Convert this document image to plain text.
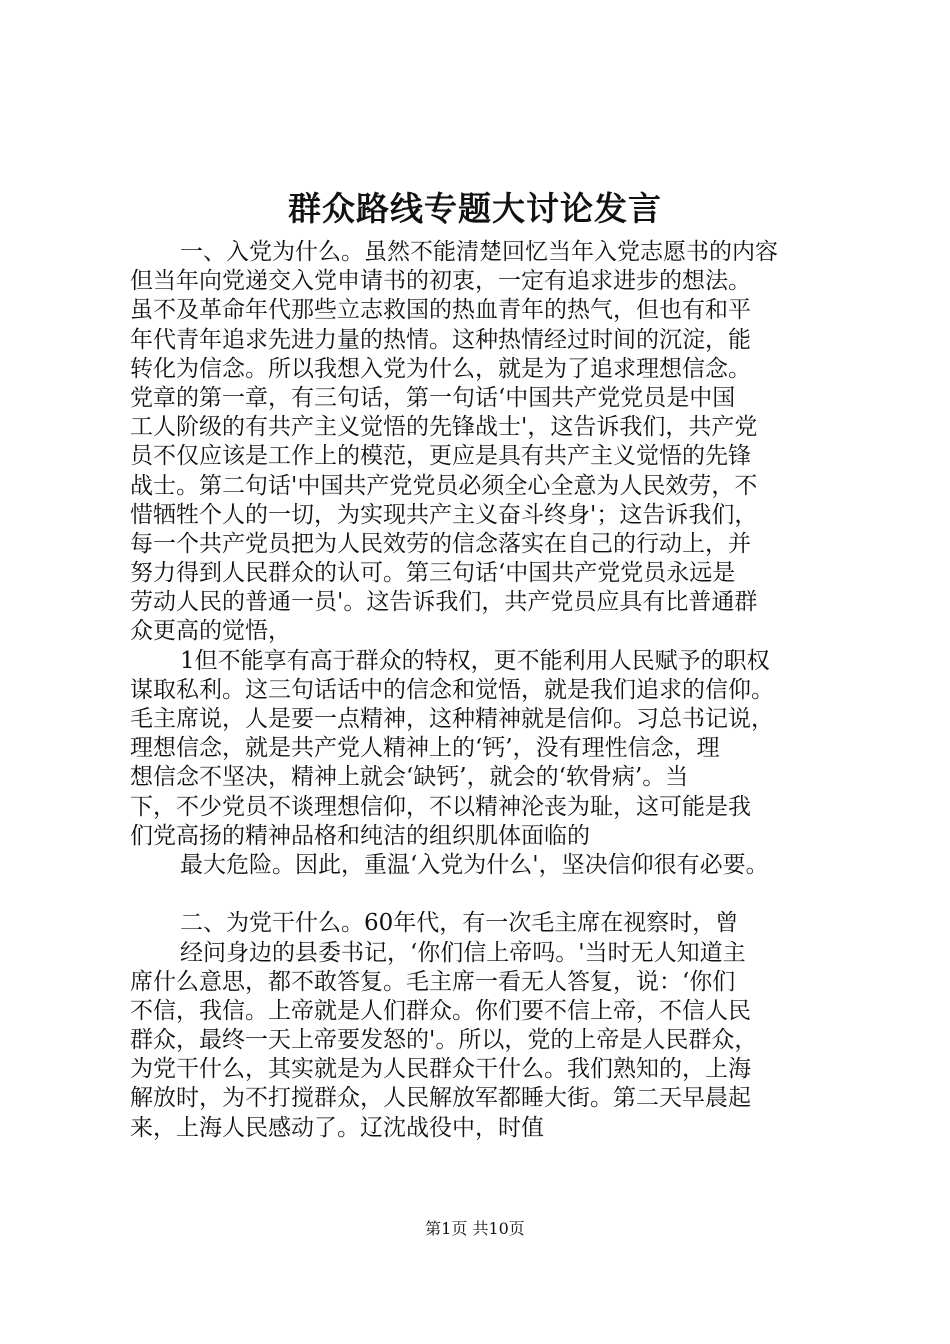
群众路线专题大讨论发言
一、入党为什么。虽然不能清楚回忆当年入党志愿书的内容
但当年向党递交入党申请书的初衷，一定有追求进步的想法。
虽不及革命年代那些立志救国的热血青年的热气，但也有和平
年代青年追求先进力量的热情。这种热情经过时间的沉淀，能
转化为信念。所以我想入党为什么，就是为了追求理想信念。
党章的第一章，有三句话，第一句话‘中国共产党党员是中国
工人阶级的有共产主义觉悟的先锋战士'，这告诉我们，共产党
员不仅应该是工作上的模范，更应是具有共产主义觉悟的先锋
战士。第二句话'中国共产党党员必须全心全意为人民效劳，不
惜牺牲个人的一切，为实现共产主义奋斗终身'；这告诉我们，
每一个共产党员把为人民效劳的信念落实在自己的行动上，并
努力得到人民群众的认可。第三句话‘中国共产党党员永远是
劳动人民的普通一员'。这告诉我们，共产党员应具有比普通群
众更高的觉悟，
1但不能享有高于群众的特权，更不能利用人民赋予的职权
谋取私利。这三句话话中的信念和觉悟，就是我们追求的信仰。
毛主席说，人是要一点精神，这种精神就是信仰。习总书记说，
理想信念，就是共产党人精神上的‘钙’，没有理性信念，理
想信念不坚决，精神上就会‘缺钙’，就会的‘软骨病’。当
下，不少党员不谈理想信仰，不以精神沦丧为耻，这可能是我
们党高扬的精神品格和纯洁的组织肌体面临的
最大危险。因此，重温‘入党为什么'，坚决信仰很有必要。
二、为党干什么。60年代，有一次毛主席在视察时，曾
经问身边的县委书记，‘你们信上帝吗。'当时无人知道主
席什么意思，都不敢答复。毛主席一看无人答复，说：‘你们
不信，我信。上帝就是人们群众。你们要不信上帝，不信人民
群众，最终一天上帝要发怒的'。所以，党的上帝是人民群众，
为党干什么，其实就是为人民群众干什么。我们熟知的，上海
解放时，为不打搅群众，人民解放军都睡大街。第二天早晨起
来，上海人民感动了。辽沈战役中，时值
第1页 共10页
